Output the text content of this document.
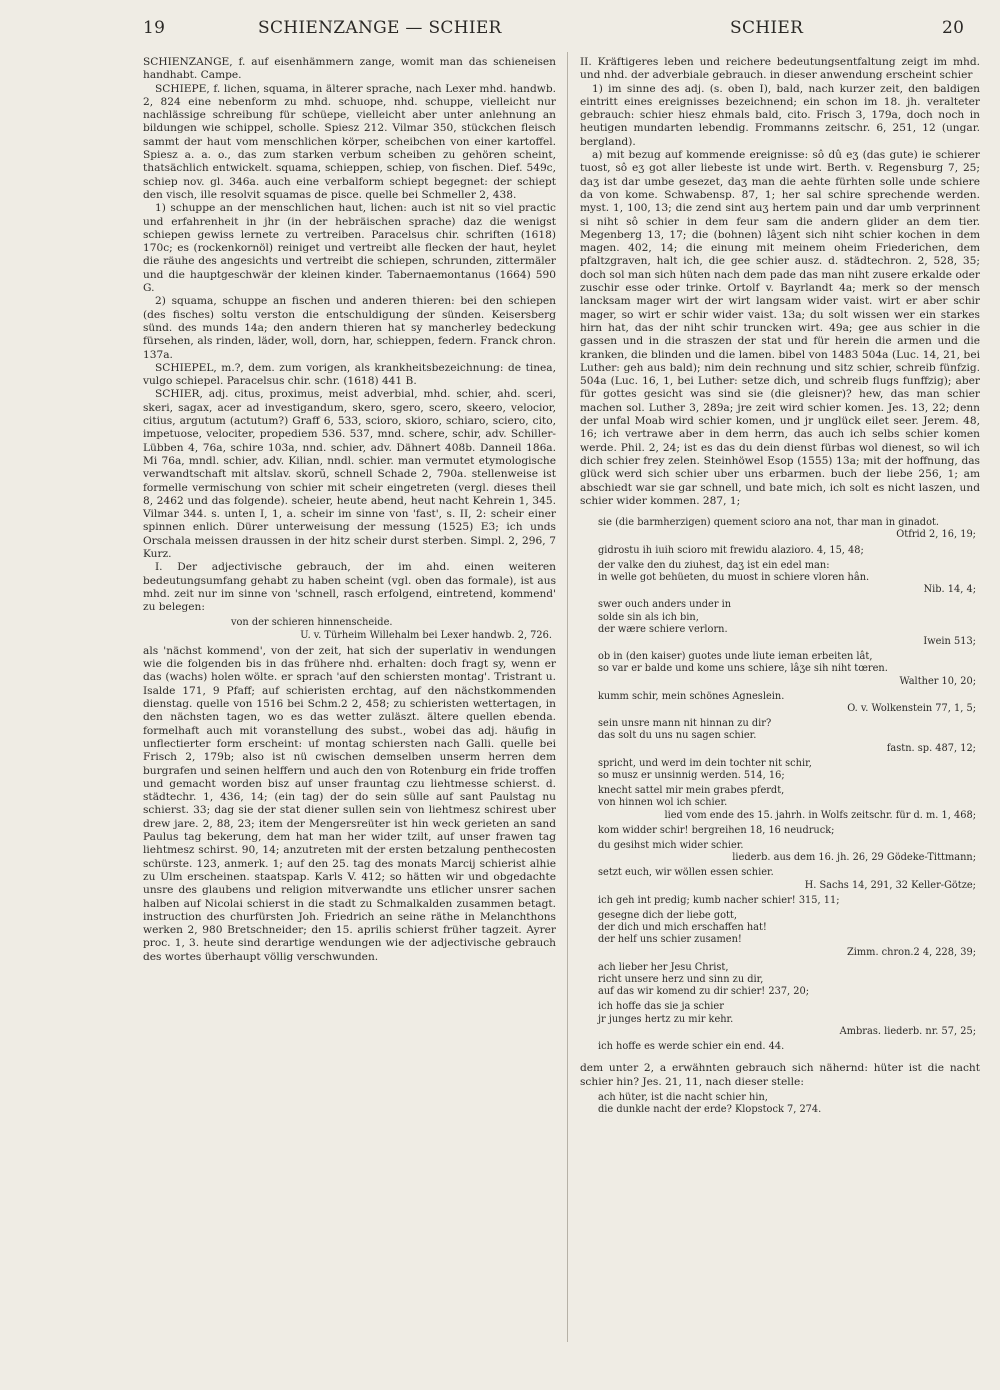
19	SCHIENZANGE — SCHIER	SCHIER	20

SCHIENZANGE, f. auf eisenhämmern zange, womit man das schieneisen handhabt. Campe.

SCHIEPE, f. lichen, squama, in älterer sprache, nach Lexer mhd. handwb. 2, 824 eine nebenform zu mhd. schuope, nhd. schuppe, vielleicht nur nachlässige schreibung für schüepe, vielleicht aber unter anlehnung an bildungen wie schippel, scholle. Spiesz 212. Vilmar 350, stückchen fleisch sammt der haut vom menschlichen körper, scheibchen von einer kartoffel. Spiesz a. a. o., das zum starken verbum scheiben zu gehören scheint, thatsächlich entwickelt. squama, schieppen, schiep, von fischen. Dief. 549c, schiep nov. gl. 346a. auch eine verbalform schiept begegnet: der schiept den visch, ille resolvit squamas de pisce. quelle bei Schmeller 2, 438.

1) schuppe an der menschlichen haut, lichen: auch ist nit so viel practic und erfahrenheit in jhr (in der hebräischen sprache) daz die wenigst schiepen gewiss lernete zu vertreiben. Paracelsus chir. schriften (1618) 170c; es (rockenkornöl) reiniget und vertreibt alle flecken der haut, heylet die räuhe des angesichts und vertreibt die schiepen, schrunden, zittermäler und die hauptgeschwär der kleinen kinder. Tabernaemontanus (1664) 590 G.

2) squama, schuppe an fischen und anderen thieren: bei den schiepen (des fisches) soltu verston die entschuldigung der sünden. Keisersberg sünd. des munds 14a; den andern thieren hat sy mancherley bedeckung fürsehen, als rinden, läder, woll, dorn, har, schieppen, federn. Franck chron. 137a.

SCHIEPEL, m.?, dem. zum vorigen, als krankheitsbezeichnung: de tinea, vulgo schiepel. Paracelsus chir. schr. (1618) 441 B.

SCHIER, adj. citus, proximus, meist adverbial, mhd. schier, ahd. sceri, skeri, sagax, acer ad investigandum, skero, sgero, scero, skeero, velocior, citius, argutum (actutum?) Graff 6, 533, scioro, skioro, schiaro, sciero, cito, impetuose, velociter, propediem 536. 537, mnd. schere, schir, adv. Schiller-Lübben 4, 76a, schire 103a, nnd. schier, adv. Dähnert 408b. Danneil 186a. Mi 76a, mndl. schier, adv. Kilian, nndl. schier. man vermutet etymologische verwandtschaft mit altslav. skorŭ, schnell Schade 2, 790a. stellenweise ist formelle vermischung von schier mit scheir eingetreten (vergl. dieses theil 8, 2462 und das folgende). scheier, heute abend, heut nacht Kehrein 1, 345. Vilmar 344. s. unten I, 1, a. scheir im sinne von 'fast', s. II, 2: scheir einer spinnen enlich. Dürer unterweisung der messung (1525) E3; ich unds Orschala meissen draussen in der hitz scheir durst sterben. Simpl. 2, 296, 7 Kurz.

I. Der adjectivische gebrauch, der im ahd. einen weiteren bedeutungsumfang gehabt zu haben scheint (vgl. oben das formale), ist aus mhd. zeit nur im sinne von 'schnell, rasch erfolgend, eintretend, kommend' zu belegen:

von der schieren hinnenscheide.
U. v. Türheim Willehalm bei Lexer handwb. 2, 726.

als 'nächst kommend', von der zeit, hat sich der superlativ in wendungen wie die folgenden bis in das frühere nhd. erhalten: doch fragt sy, wenn er das (wachs) holen wölte. er sprach 'auf den schiersten montag'. Tristrant u. Isalde 171, 9 Pfaff; auf schieristen erchtag, auf den nächstkommenden dienstag. quelle von 1516 bei Schm.2 2, 458; zu schieristen wettertagen, in den nächsten tagen, wo es das wetter zuläszt. ältere quellen ebenda. formelhaft auch mit voranstellung des subst., wobei das adj. häufig in unflectierter form erscheint: uf montag schiersten nach Galli. quelle bei Frisch 2, 179b; also ist nü cwischen demselben unserm herren dem burgrafen und seinen helffern und auch den von Rotenburg ein fride troffen und gemacht worden bisz auf unser frauntag czu liehtmesse schierst. d. städtechr. 1, 436, 14; (ein tag) der do sein sülle auf sant Paulstag nu schierst. 33; dag sie der stat diener sullen sein von liehtmesz schirest uber drew jare. 2, 88, 23; item der Mengersreüter ist hin weck gerieten an sand Paulus tag bekerung, dem hat man her wider tzilt, auf unser frawen tag liehtmesz schirst. 90, 14; anzutreten mit der ersten betzalung penthecosten schürste. 123, anmerk. 1; auf den 25. tag des monats Marcij schierist alhie zu Ulm erscheinen. staatspap. Karls V. 412; so hätten wir und obgedachte unsre des glaubens und religion mitverwandte uns etlicher unsrer sachen halben auf Nicolai schierst in die stadt zu Schmalkalden zusammen betagt. instruction des churfürsten Joh. Friedrich an seine räthe in Melanchthons werken 2, 980 Bretschneider; den 15. aprilis schierst früher tagzeit. Ayrer proc. 1, 3. heute sind derartige wendungen wie der adjectivische gebrauch des wortes überhaupt völlig verschwunden.

II. Kräftigeres leben und reichere bedeutungsentfaltung zeigt im mhd. und nhd. der adverbiale gebrauch. in dieser anwendung erscheint schier

1) im sinne des adj. (s. oben I), bald, nach kurzer zeit, den baldigen eintritt eines ereignisses bezeichnend; ein schon im 18. jh. veralteter gebrauch: schier hiesz ehmals bald, cito. Frisch 3, 179a, doch noch in heutigen mundarten lebendig. Frommanns zeitschr. 6, 251, 12 (ungar. bergland).

a) mit bezug auf kommende ereignisse: sô dû eʒ (das gute) ie schierer tuost, sô eʒ got aller liebeste ist unde wirt. Berth. v. Regensburg 7, 25; daʒ ist dar umbe gesezet, daʒ man die aehte fürhten solle unde schiere da von kome. Schwabensp. 87, 1; her sal schire sprechende werden. myst. 1, 100, 13; die zend sint auʒ hertem pain und dar umb verprinnent si niht sô schier in dem feur sam die andern glider an dem tier. Megenberg 13, 17; die (bohnen) lâʒent sich niht schier kochen in dem magen. 402, 14; die einung mit meinem oheim Friederichen, dem pfaltzgraven, halt ich, die gee schier ausz. d. städtechron. 2, 528, 35; doch sol man sich hüten nach dem pade das man niht zusere erkalde oder zuschir esse oder trinke. Ortolf v. Bayrlandt 4a; merk so der mensch lancksam mager wirt der wirt langsam wider vaist. wirt er aber schir mager, so wirt er schir wider vaist. 13a; du solt wissen wer ein starkes hirn hat, das der niht schir truncken wirt. 49a; gee aus schier in die gassen und in die straszen der stat und für herein die armen und die kranken, die blinden und die lamen. bibel von 1483 504a (Luc. 14, 21, bei Luther: geh aus bald); nim dein rechnung und sitz schier, schreib fünfzig. 504a (Luc. 16, 1, bei Luther: setze dich, und schreib flugs funffzig); aber für gottes gesicht was sind sie (die gleisner)? hew, das man schier machen sol. Luther 3, 289a; jre zeit wird schier komen. Jes. 13, 22; denn der unfal Moab wird schier komen, und jr unglück eilet seer. Jerem. 48, 16; ich vertrawe aber in dem herrn, das auch ich selbs schier komen werde. Phil. 2, 24; ist es das du dein dienst fürbas wol dienest, so wil ich dich schier frey zelen. Steinhöwel Esop (1555) 13a; mit der hoffnung, das glück werd sich schier uber uns erbarmen. buch der liebe 256, 1; am abschiedt war sie gar schnell, und bate mich, ich solt es nicht laszen, und schier wider kommen. 287, 1;

sie (die barmherzigen) quement scioro ana not, thar man in ginadot.
Otfrid 2, 16, 19;
gidrostu ih iuih scioro mit frewidu alazioro. 4, 15, 48;
der valke den du ziuhest, daʒ ist ein edel man:
in welle got behüeten, du muost in schiere vloren hân.
Nib. 14, 4;
swer ouch anders under in
solde sin als ich bin,
der wære schiere verlorn.
Iwein 513;
ob in (den kaiser) guotes unde liute ieman erbeiten lât,
so var er balde und kome uns schiere, lâʒe sih niht tœren.
Walther 10, 20;
kumm schir, mein schönes Agneslein.
O. v. Wolkenstein 77, 1, 5;
sein unsre mann nit hinnan zu dir?
das solt du uns nu sagen schier.
fastn. sp. 487, 12;
spricht, und werd im dein tochter nit schir,
so musz er unsinnig werden. 514, 16;
knecht sattel mir mein grabes pferdt,
von hinnen wol ich schier.
lied vom ende des 15. jahrh. in Wolfs zeitschr. für d. m. 1, 468;
kom widder schir! bergreihen 18, 16 neudruck;
du gesihst mich wider schier.
liederb. aus dem 16. jh. 26, 29 Gödeke-Tittmann;
setzt euch, wir wöllen essen schier.
H. Sachs 14, 291, 32 Keller-Götze;
ich geh int predig; kumb nacher schier! 315, 11;
gesegne dich der liebe gott,
der dich und mich erschaffen hat!
der helf uns schier zusamen!
Zimm. chron.2 4, 228, 39;
ach lieber her Jesu Christ,
richt unsere herz und sinn zu dir,
auf das wir komend zu dir schier! 237, 20;
ich hoffe das sie ja schier
jr junges hertz zu mir kehr.
Ambras. liederb. nr. 57, 25;
ich hoffe es werde schier ein end. 44.

dem unter 2, a erwähnten gebrauch sich nähernd: hüter ist die nacht schier hin? Jes. 21, 11, nach dieser stelle:

ach hüter, ist die nacht schier hin,
die dunkle nacht der erde? Klopstock 7, 274.
